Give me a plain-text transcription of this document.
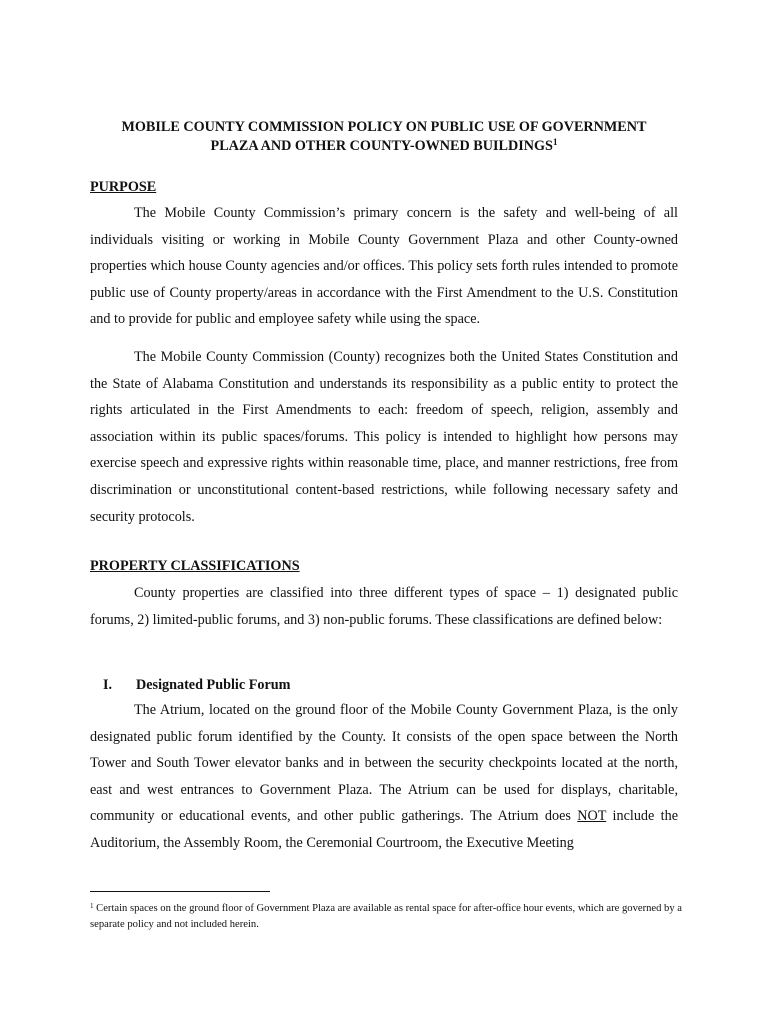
MOBILE COUNTY COMMISSION POLICY ON PUBLIC USE OF GOVERNMENT
PLAZA AND OTHER COUNTY-OWNED BUILDINGS$^1$
PURPOSE

The Mobile County Commission’s primary concern is the safety and well-being of all individuals visiting or working in Mobile County Government Plaza and other County-owned properties which house County agencies and/or offices. This policy sets forth rules intended to promote public use of County property/areas in accordance with the First Amendment to the U.S. Constitution and to provide for public and employee safety while using the space.

The Mobile County Commission (County) recognizes both the United States Constitution and the State of Alabama Constitution and understands its responsibility as a public entity to protect the rights articulated in the First Amendments to each: freedom of speech, religion, assembly and association within its public spaces/forums. This policy is intended to highlight how persons may exercise speech and expressive rights within reasonable time, place, and manner restrictions, free from discrimination or unconstitutional content-based restrictions, while following necessary safety and security protocols.

PROPERTY CLASSIFICATIONS

County properties are classified into three different types of space – 1) designated public forums, 2) limited-public forums, and 3) non-public forums. These classifications are defined below:

I. Designated Public Forum

The Atrium, located on the ground floor of the Mobile County Government Plaza, is the only designated public forum identified by the County. It consists of the open space between the North Tower and South Tower elevator banks and in between the security checkpoints located at the north, east and west entrances to Government Plaza. The Atrium can be used for displays, charitable, community or educational events, and other public gatherings. The Atrium does NOT include the Auditorium, the Assembly Room, the Ceremonial Courtroom, the Executive Meeting

$^1$ Certain spaces on the ground floor of Government Plaza are available as rental space for after-office hour events, which are governed by a separate policy and not included herein.
